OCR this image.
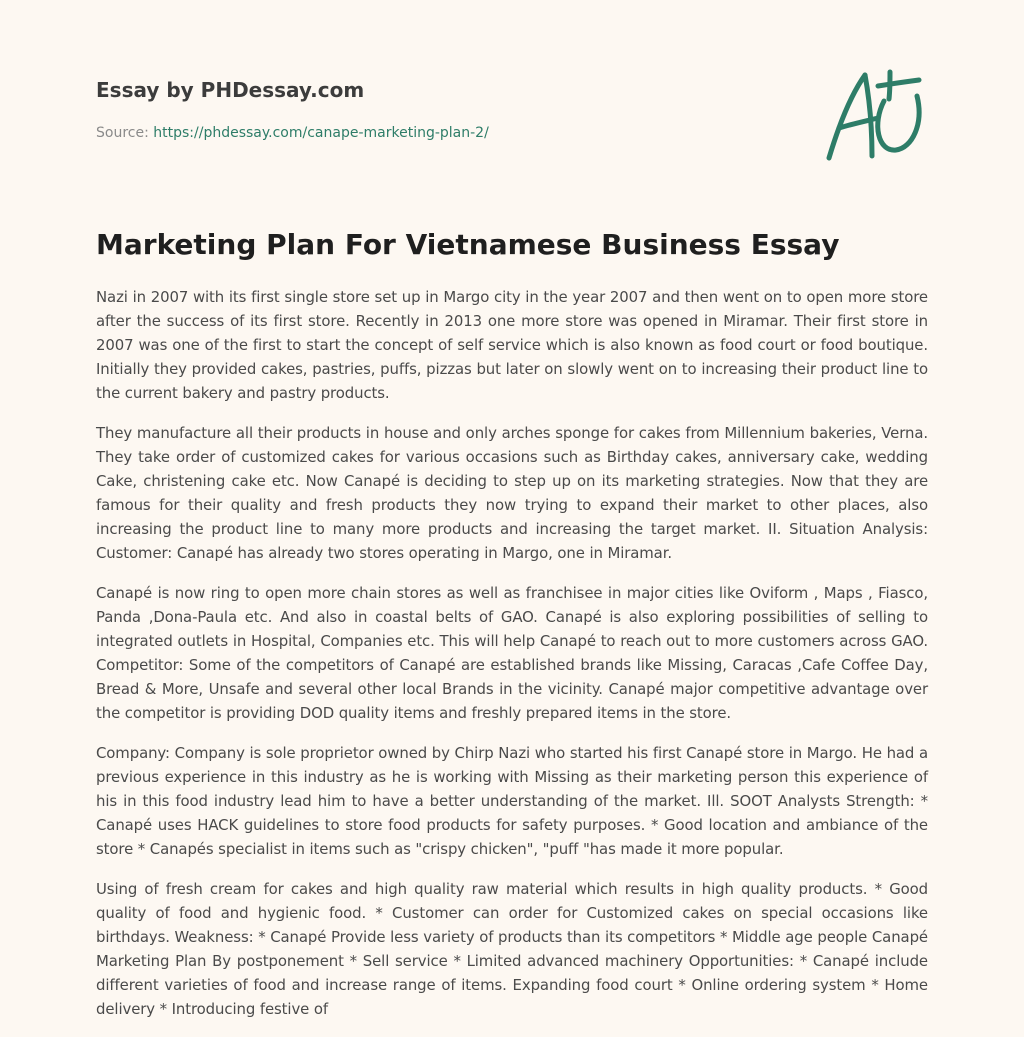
Essay by PHDessay.com
Source: https://phdessay.com/canape-marketing-plan-2/
Marketing Plan For Vietnamese Business Essay

Nazi in 2007 with its first single store set up in Margo city in the year 2007 and then went on to open more store after the success of its first store. Recently in 2013 one more store was opened in Miramar. Their first store in 2007 was one of the first to start the concept of self service which is also known as food court or food boutique. Initially they provided cakes, pastries, puffs, pizzas but later on slowly went on to increasing their product line to the current bakery and pastry products.

They manufacture all their products in house and only arches sponge for cakes from Millennium bakeries, Verna. They take order of customized cakes for various occasions such as Birthday cakes, anniversary cake, wedding Cake, christening cake etc. Now Canapé is deciding to step up on its marketing strategies. Now that they are famous for their quality and fresh products they now trying to expand their market to other places, also increasing the product line to many more products and increasing the target market. II. Situation Analysis: Customer: Canapé has already two stores operating in Margo, one in Miramar.

Canapé is now ring to open more chain stores as well as franchisee in major cities like Oviform , Maps , Fiasco, Panda ,Dona-Paula etc. And also in coastal belts of GAO. Canapé is also exploring possibilities of selling to integrated outlets in Hospital, Companies etc. This will help Canapé to reach out to more customers across GAO. Competitor: Some of the competitors of Canapé are established brands like Missing, Caracas ,Cafe Coffee Day, Bread & More, Unsafe and several other local Brands in the vicinity. Canapé major competitive advantage over the competitor is providing DOD quality items and freshly prepared items in the store.

Company: Company is sole proprietor owned by Chirp Nazi who started his first Canapé store in Margo. He had a previous experience in this industry as he is working with Missing as their marketing person this experience of his in this food industry lead him to have a better understanding of the market. Ill. SOOT Analysts Strength: * Canapé uses HACK guidelines to store food products for safety purposes. * Good location and ambiance of the store * Canapés specialist in items such as "crispy chicken", "puff "has made it more popular.

Using of fresh cream for cakes and high quality raw material which results in high quality products. * Good quality of food and hygienic food. * Customer can order for Customized cakes on special occasions like birthdays. Weakness: * Canapé Provide less variety of products than its competitors * Middle age people Canapé Marketing Plan By postponement * Sell service * Limited advanced machinery Opportunities: * Canapé include different varieties of food and increase range of items. Expanding food court * Online ordering system * Home delivery * Introducing festive of
